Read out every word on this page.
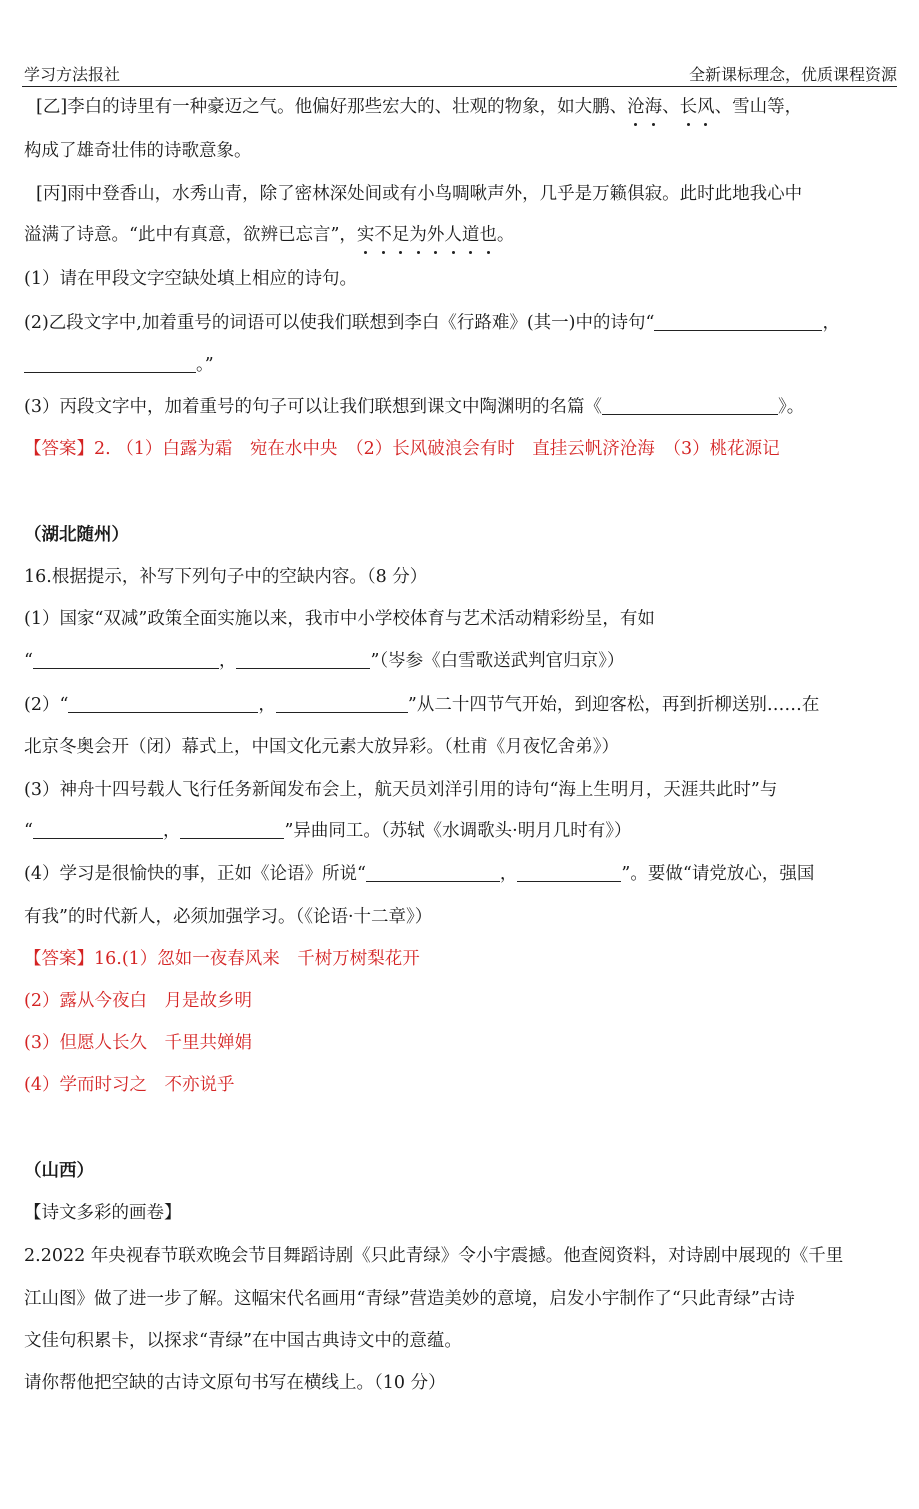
学习方法报社	全新课标理念，优质课程资源
[乙]李白的诗里有一种豪迈之气。他偏好那些宏大的、壮观的物象，如大鹏、沧海
、长风
、雪山等，
构成了雄奇壮伟的诗歌意象。
[丙]雨中登香山，水秀山青，除了密林深处间或有小鸟啁啾声外，几乎是万籁俱寂。此时此地我心中
溢满了诗意。“此中有真意，欲辨已忘言”，实不足为外人道也
。
(1）请在甲段文字空缺处填上相应的诗句。
(2)乙段文字中,加着重号的词语可以使我们联想到李白《行路难》(其一)中的诗句“	，
。”
(3）丙段文字中，加着重号的句子可以让我们联想到课文中陶渊明的名篇《	》。
【答案】2. （1）白露为霜　宛在水中央　（2）长风破浪会有时　直挂云帆济沧海　（3）桃花源记
（湖北随州）
16.根据提示，补写下列句子中的空缺内容。（8 分）
(1）国家“双减”政策全面实施以来，我市中小学校体育与艺术活动精彩纷呈，有如
“	，	”（岑参《白雪歌送武判官归京》）
(2）“	，	”从二十四节气开始，到迎客松，再到折柳送别……在
北京冬奥会开（闭）幕式上，中国文化元素大放异彩。（杜甫《月夜忆舍弟》）
(3）神舟十四号载人飞行任务新闻发布会上，航天员刘洋引用的诗句“海上生明月，天涯共此时”与
“	，	”异曲同工。（苏轼《水调歌头·明月几时有》）
(4）学习是很愉快的事，正如《论语》所说“	，	”。要做“请党放心，强国
有我”的时代新人，必须加强学习。（《论语·十二章》）
【答案】16.(1）忽如一夜春风来　千树万树梨花开
(2）露从今夜白　月是故乡明
(3）但愿人长久　千里共婵娟
(4）学而时习之　不亦说乎
（山西）
【诗文多彩的画卷】
2.2022 年央视春节联欢晚会节目舞蹈诗剧《只此青绿》令小宇震撼。他查阅资料，对诗剧中展现的《千里
江山图》做了进一步了解。这幅宋代名画用“青绿”营造美妙的意境，启发小宇制作了“只此青绿”古诗
文佳句积累卡，以探求“青绿”在中国古典诗文中的意蕴。
请你帮他把空缺的古诗文原句书写在横线上。（10 分）
